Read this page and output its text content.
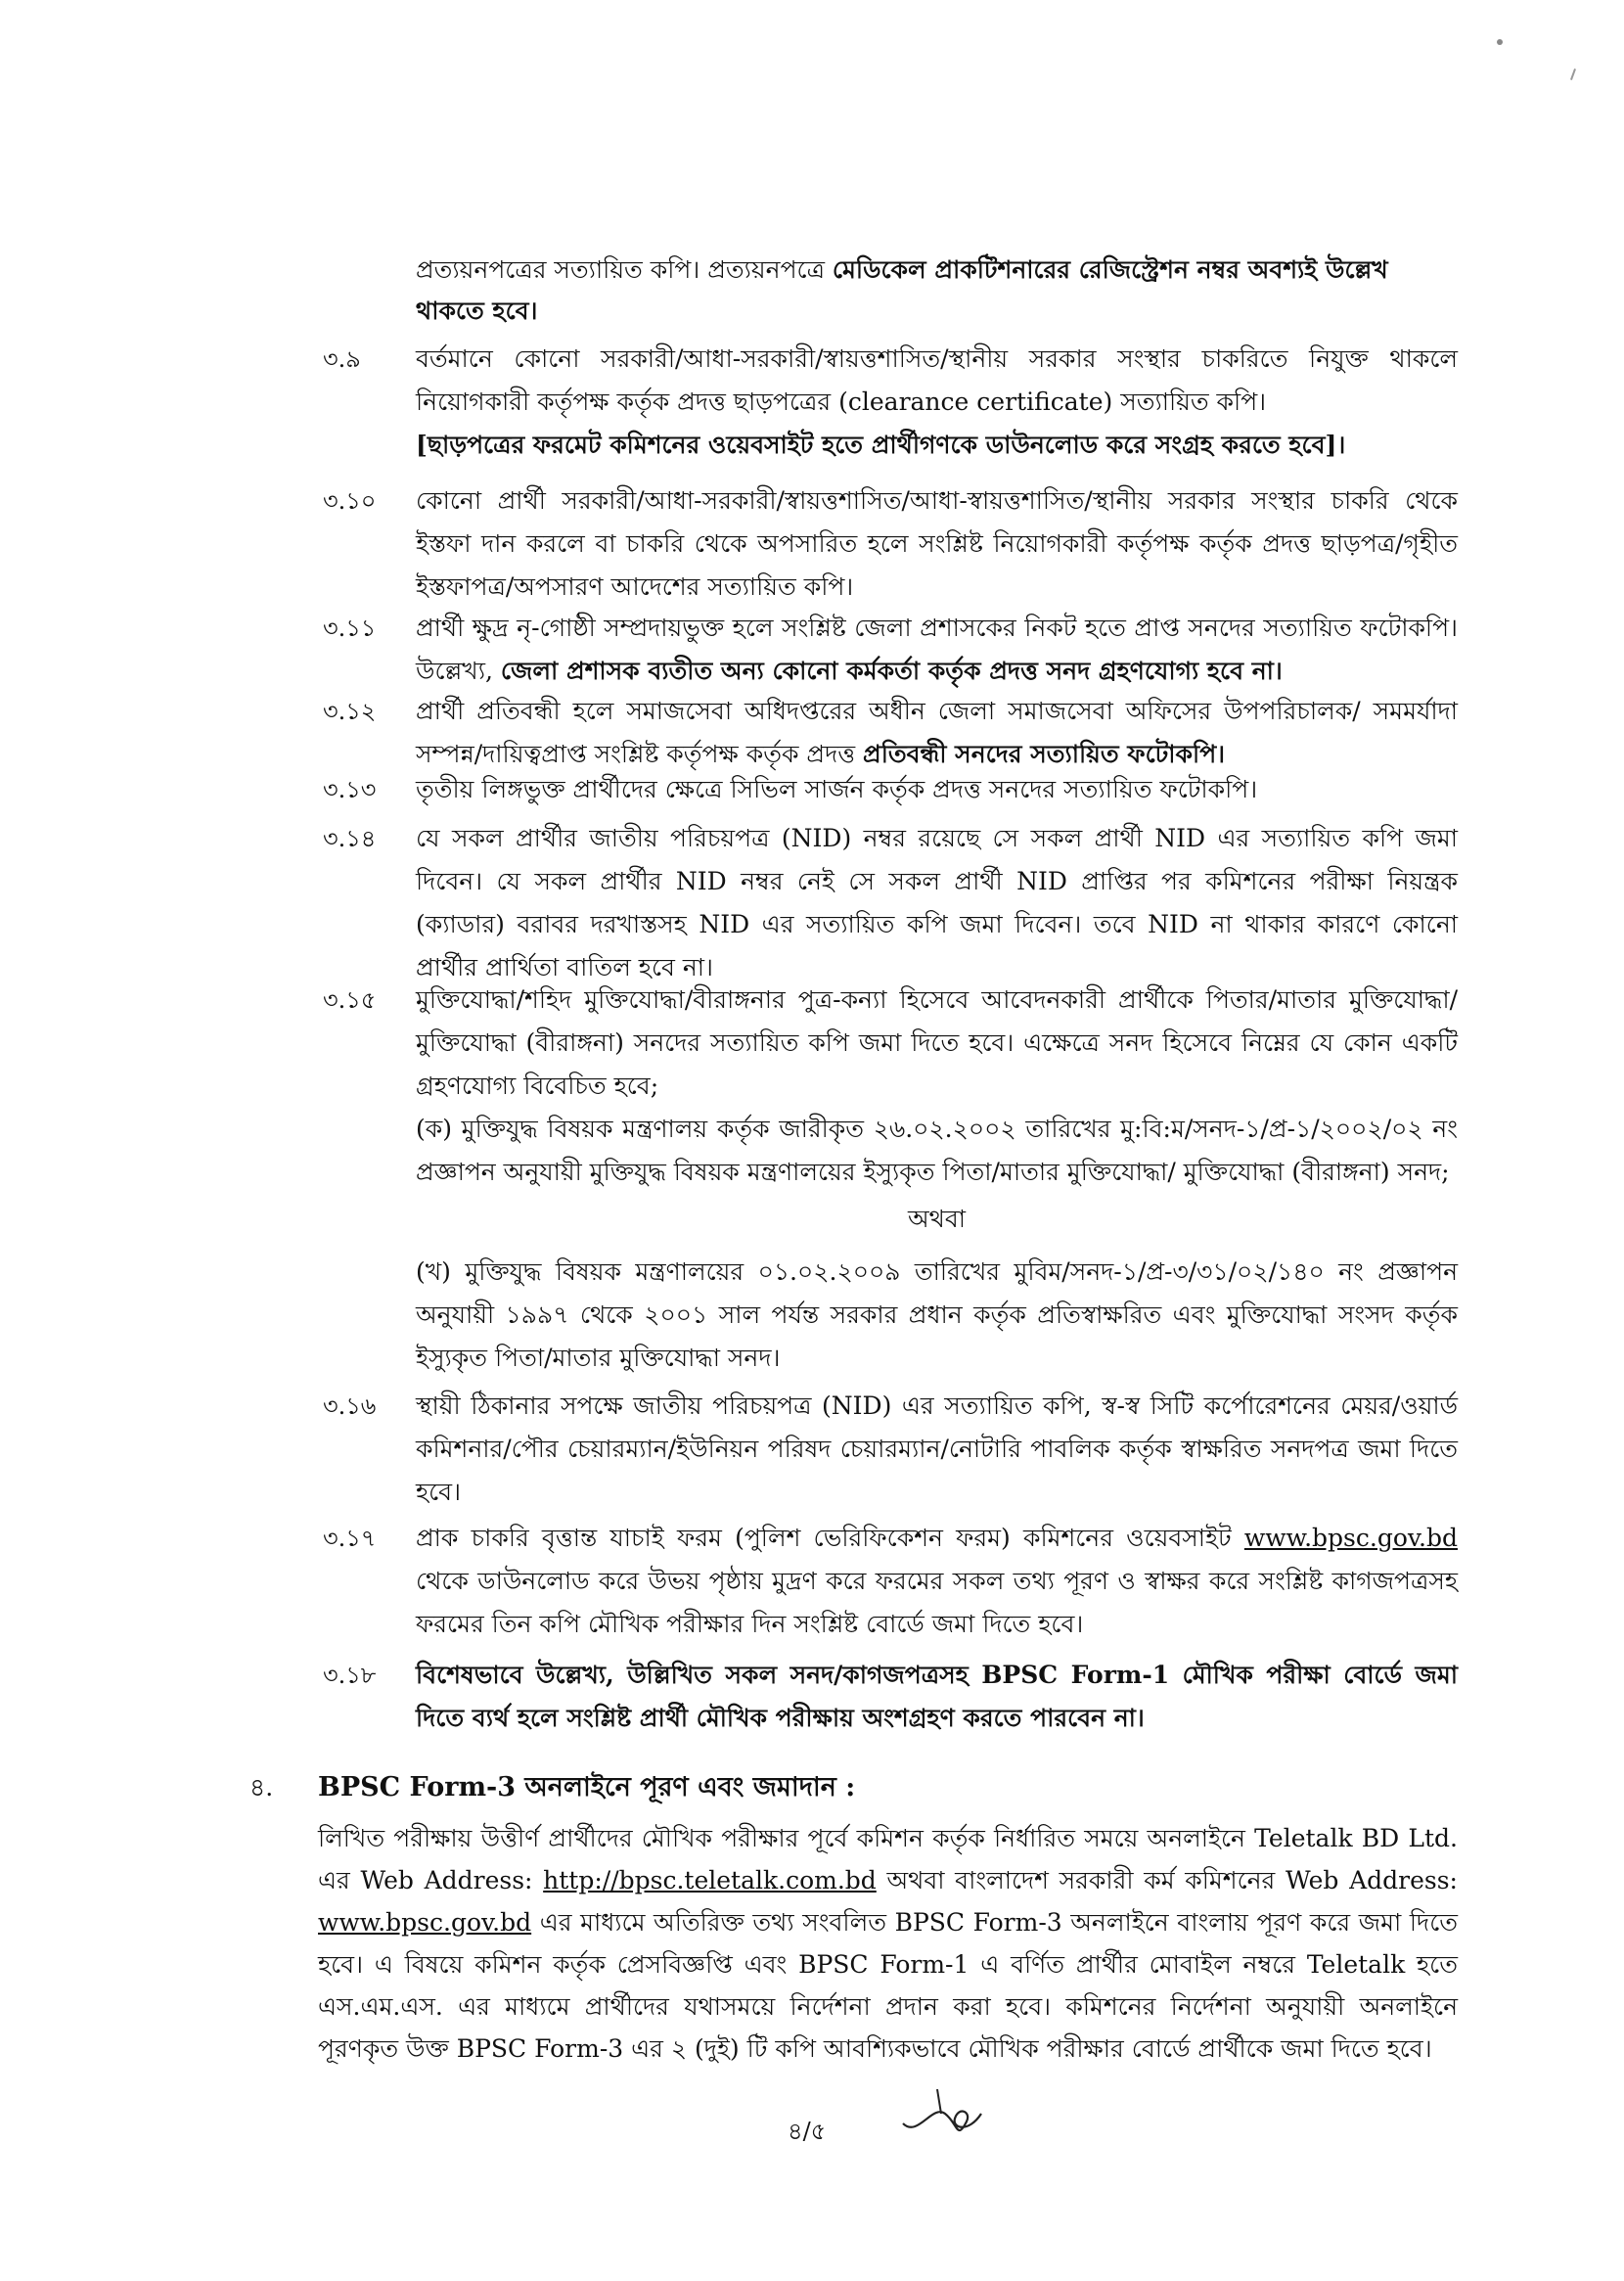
প্রত্যয়নপত্রের সত্যায়িত কপি। প্রত্যয়নপত্রে মেডিকেল প্রাকটিশনারের রেজিস্ট্রেশন নম্বর অবশ্যই উল্লেখ থাকতে হবে।
৩.৯	বর্তমানে কোনো সরকারী/আধা-সরকারী/স্বায়ত্তশাসিত/স্থানীয় সরকার সংস্থার চাকরিতে নিযুক্ত থাকলে নিয়োগকারী কর্তৃপক্ষ কর্তৃক প্রদত্ত ছাড়পত্রের (clearance certificate) সত্যায়িত কপি।
[ছাড়পত্রের ফরমেট কমিশনের ওয়েবসাইট হতে প্রার্থীগণকে ডাউনলোড করে সংগ্রহ করতে হবে]।
৩.১০	কোনো প্রার্থী সরকারী/আধা-সরকারী/স্বায়ত্তশাসিত/আধা-স্বায়ত্তশাসিত/স্থানীয় সরকার সংস্থার চাকরি থেকে ইস্তফা দান করলে বা চাকরি থেকে অপসারিত হলে সংশ্লিষ্ট নিয়োগকারী কর্তৃপক্ষ কর্তৃক প্রদত্ত ছাড়পত্র/গৃহীত ইস্তফাপত্র/অপসারণ আদেশের সত্যায়িত কপি।
৩.১১	প্রার্থী ক্ষুদ্র নৃ-গোষ্ঠী সম্প্রদায়ভুক্ত হলে সংশ্লিষ্ট জেলা প্রশাসকের নিকট হতে প্রাপ্ত সনদের সত্যায়িত ফটোকপি। উল্লেখ্য, জেলা প্রশাসক ব্যতীত অন্য কোনো কর্মকর্তা কর্তৃক প্রদত্ত সনদ গ্রহণযোগ্য হবে না।
৩.১২	প্রার্থী প্রতিবন্ধী হলে সমাজসেবা অধিদপ্তরের অধীন জেলা সমাজসেবা অফিসের উপপরিচালক/ সমমর্যাদা সম্পন্ন/দায়িত্বপ্রাপ্ত সংশ্লিষ্ট কর্তৃপক্ষ কর্তৃক প্রদত্ত প্রতিবন্ধী সনদের সত্যায়িত ফটোকপি।
৩.১৩	তৃতীয় লিঙ্গভুক্ত প্রার্থীদের ক্ষেত্রে সিভিল সার্জন কর্তৃক প্রদত্ত সনদের সত্যায়িত ফটোকপি।
৩.১৪	যে সকল প্রার্থীর জাতীয় পরিচয়পত্র (NID) নম্বর রয়েছে সে সকল প্রার্থী NID এর সত্যায়িত কপি জমা দিবেন। যে সকল প্রার্থীর NID নম্বর নেই সে সকল প্রার্থী NID প্রাপ্তির পর কমিশনের পরীক্ষা নিয়ন্ত্রক (ক্যাডার) বরাবর দরখাস্তসহ NID এর সত্যায়িত কপি জমা দিবেন। তবে NID না থাকার কারণে কোনো প্রার্থীর প্রার্থিতা বাতিল হবে না।
৩.১৫	মুক্তিযোদ্ধা/শহিদ মুক্তিযোদ্ধা/বীরাঙ্গনার পুত্র-কন্যা হিসেবে আবেদনকারী প্রার্থীকে পিতার/মাতার মুক্তিযোদ্ধা/মুক্তিযোদ্ধা (বীরাঙ্গনা) সনদের সত্যায়িত কপি জমা দিতে হবে। এক্ষেত্রে সনদ হিসেবে নিম্নের যে কোন একটি গ্রহণযোগ্য বিবেচিত হবে;
(ক) মুক্তিযুদ্ধ বিষয়ক মন্ত্রণালয় কর্তৃক জারীকৃত ২৬.০২.২০০২ তারিখের মু:বি:ম/সনদ-১/প্র-১/২০০২/০২ নং প্রজ্ঞাপন অনুযায়ী মুক্তিযুদ্ধ বিষয়ক মন্ত্রণালয়ের ইস্যুকৃত পিতা/মাতার মুক্তিযোদ্ধা/ মুক্তিযোদ্ধা (বীরাঙ্গনা) সনদ;
অথবা
(খ) মুক্তিযুদ্ধ বিষয়ক মন্ত্রণালয়ের ০১.০২.২০০৯ তারিখের মুবিম/সনদ-১/প্র-৩/৩১/০২/১৪০ নং প্রজ্ঞাপন অনুযায়ী ১৯৯৭ থেকে ২০০১ সাল পর্যন্ত সরকার প্রধান কর্তৃক প্রতিস্বাক্ষরিত এবং মুক্তিযোদ্ধা সংসদ কর্তৃক ইস্যুকৃত পিতা/মাতার মুক্তিযোদ্ধা সনদ।
৩.১৬	স্থায়ী ঠিকানার সপক্ষে জাতীয় পরিচয়পত্র (NID) এর সত্যায়িত কপি, স্ব-স্ব সিটি কর্পোরেশনের মেয়র/ওয়ার্ড কমিশনার/পৌর চেয়ারম্যান/ইউনিয়ন পরিষদ চেয়ারম্যান/নোটারি পাবলিক কর্তৃক স্বাক্ষরিত সনদপত্র জমা দিতে হবে।
৩.১৭	প্রাক চাকরি বৃত্তান্ত যাচাই ফরম (পুলিশ ভেরিফিকেশন ফরম) কমিশনের ওয়েবসাইট www.bpsc.gov.bd থেকে ডাউনলোড করে উভয় পৃষ্ঠায় মুদ্রণ করে ফরমের সকল তথ্য পূরণ ও স্বাক্ষর করে সংশ্লিষ্ট কাগজপত্রসহ ফরমের তিন কপি মৌখিক পরীক্ষার দিন সংশ্লিষ্ট বোর্ডে জমা দিতে হবে।
৩.১৮	বিশেষভাবে উল্লেখ্য, উল্লিখিত সকল সনদ/কাগজপত্রসহ BPSC Form-1 মৌখিক পরীক্ষা বোর্ডে জমা দিতে ব্যর্থ হলে সংশ্লিষ্ট প্রার্থী মৌখিক পরীক্ষায় অংশগ্রহণ করতে পারবেন না।
৪. BPSC Form-3 অনলাইনে পূরণ এবং জমাদান :
লিখিত পরীক্ষায় উত্তীর্ণ প্রার্থীদের মৌখিক পরীক্ষার পূর্বে কমিশন কর্তৃক নির্ধারিত সময়ে অনলাইনে Teletalk BD Ltd. এর Web Address: http://bpsc.teletalk.com.bd অথবা বাংলাদেশ সরকারী কর্ম কমিশনের Web Address: www.bpsc.gov.bd এর মাধ্যমে অতিরিক্ত তথ্য সংবলিত BPSC Form-3 অনলাইনে বাংলায় পূরণ করে জমা দিতে হবে। এ বিষয়ে কমিশন কর্তৃক প্রেসবিজ্ঞপ্তি এবং BPSC Form-1 এ বর্ণিত প্রার্থীর মোবাইল নম্বরে Teletalk হতে এস.এম.এস. এর মাধ্যমে প্রার্থীদের যথাসময়ে নির্দেশনা প্রদান করা হবে। কমিশনের নির্দেশনা অনুযায়ী অনলাইনে পূরণকৃত উক্ত BPSC Form-3 এর ২ (দুই) টি কপি আবশ্যিকভাবে মৌখিক পরীক্ষার বোর্ডে প্রার্থীকে জমা দিতে হবে।
৪/৫
